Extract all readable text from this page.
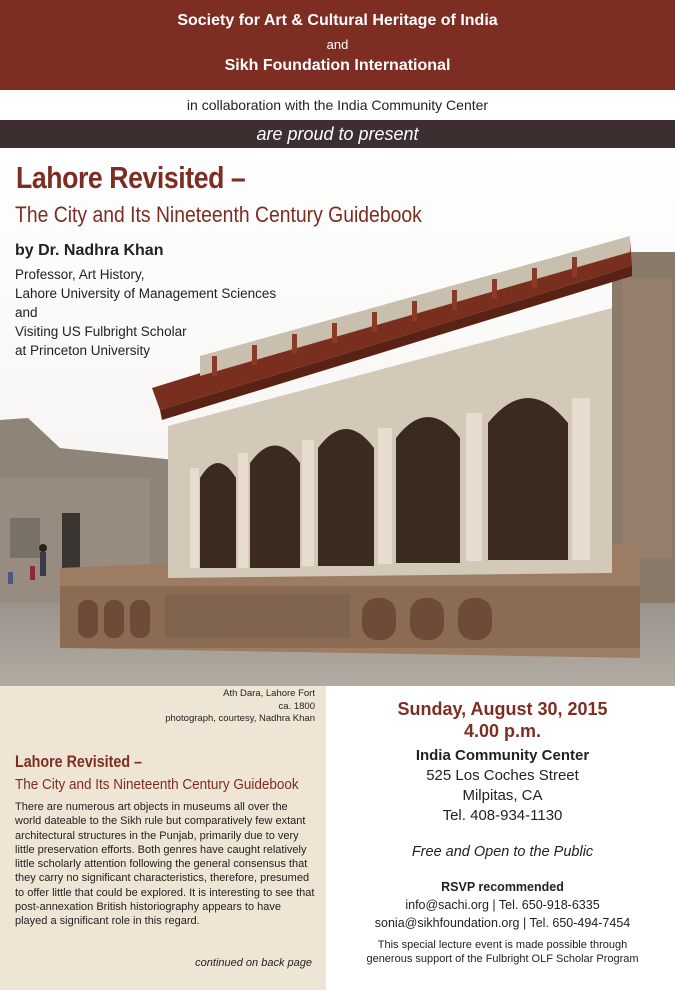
Society for Art & Cultural Heritage of India
and
Sikh Foundation International
in collaboration with the India Community Center
are proud to present
Lahore Revisited –
The City and Its Nineteenth Century Guidebook
by Dr. Nadhra Khan
Professor, Art History,
Lahore University of Management Sciences
and
Visiting US Fulbright Scholar
at Princeton University
Ath Dara, Lahore Fort
ca. 1800
photograph, courtesy, Nadhra Khan
Lahore Revisited –
The City and Its Nineteenth Century Guidebook
There are numerous art objects in museums all over the world dateable to the Sikh rule but comparatively few extant architectural structures in the Punjab, primarily due to very little preservation efforts. Both genres have caught relatively little scholarly attention following the general consensus that they carry no significant characteristics, therefore, presumed to offer little that could be explored. It is interesting to see that post-annexation British historiography appears to have played a significant role in this regard.
continued on back page
Sunday, August 30, 2015
4.00 p.m.
India Community Center
525 Los Coches Street
Milpitas, CA
Tel. 408-934-1130
Free and Open to the Public
RSVP recommended
info@sachi.org | Tel. 650-918-6335
sonia@sikhfoundation.org | Tel. 650-494-7454
This special lecture event is made possible through
generous support of the Fulbright OLF Scholar Program
